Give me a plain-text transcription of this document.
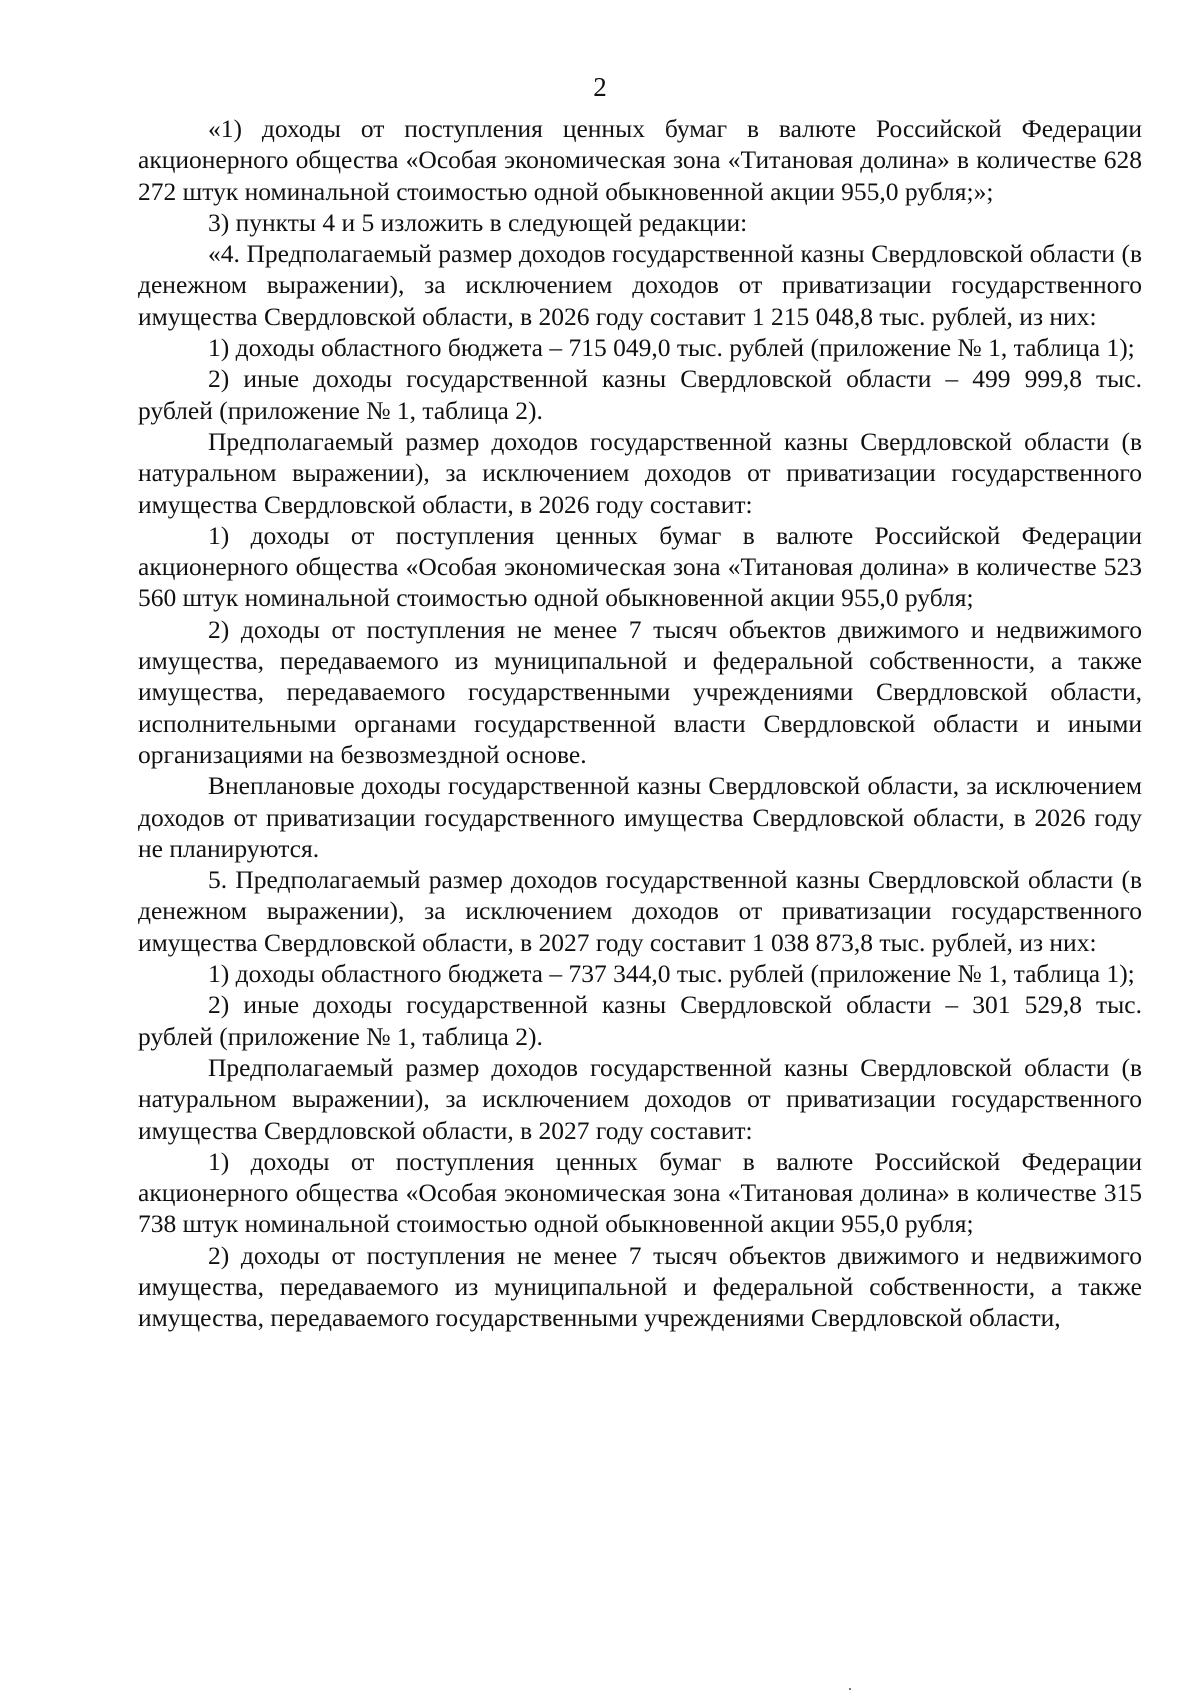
2

«1) доходы от поступления ценных бумаг в валюте Российской Федерации акционерного общества «Особая экономическая зона «Титановая долина» в количестве 628 272 штук номинальной стоимостью одной обыкновенной акции 955,0 рубля;»;

3) пункты 4 и 5 изложить в следующей редакции:

«4. Предполагаемый размер доходов государственной казны Свердловской области (в денежном выражении), за исключением доходов от приватизации государственного имущества Свердловской области, в 2026 году составит 1 215 048,8 тыс. рублей, из них:

1) доходы областного бюджета – 715 049,0 тыс. рублей (приложение № 1, таблица 1);

2) иные доходы государственной казны Свердловской области – 499 999,8 тыс. рублей (приложение № 1, таблица 2).

Предполагаемый размер доходов государственной казны Свердловской области (в натуральном выражении), за исключением доходов от приватизации государственного имущества Свердловской области, в 2026 году составит:

1) доходы от поступления ценных бумаг в валюте Российской Федерации акционерного общества «Особая экономическая зона «Титановая долина» в количестве 523 560 штук номинальной стоимостью одной обыкновенной акции 955,0 рубля;

2) доходы от поступления не менее 7 тысяч объектов движимого и недвижимого имущества, передаваемого из муниципальной и федеральной собственности, а также имущества, передаваемого государственными учреждениями Свердловской области, исполнительными органами государственной власти Свердловской области и иными организациями на безвозмездной основе.

Внеплановые доходы государственной казны Свердловской области, за исключением доходов от приватизации государственного имущества Свердловской области, в 2026 году не планируются.

5. Предполагаемый размер доходов государственной казны Свердловской области (в денежном выражении), за исключением доходов от приватизации государственного имущества Свердловской области, в 2027 году составит 1 038 873,8 тыс. рублей, из них:

1) доходы областного бюджета – 737 344,0 тыс. рублей (приложение № 1, таблица 1);

2) иные доходы государственной казны Свердловской области – 301 529,8 тыс. рублей (приложение № 1, таблица 2).

Предполагаемый размер доходов государственной казны Свердловской области (в натуральном выражении), за исключением доходов от приватизации государственного имущества Свердловской области, в 2027 году составит:

1) доходы от поступления ценных бумаг в валюте Российской Федерации акционерного общества «Особая экономическая зона «Титановая долина» в количестве 315 738 штук номинальной стоимостью одной обыкновенной акции 955,0 рубля;

2) доходы от поступления не менее 7 тысяч объектов движимого и недвижимого имущества, передаваемого из муниципальной и федеральной собственности, а также имущества, передаваемого государственными учреждениями Свердловской области,
